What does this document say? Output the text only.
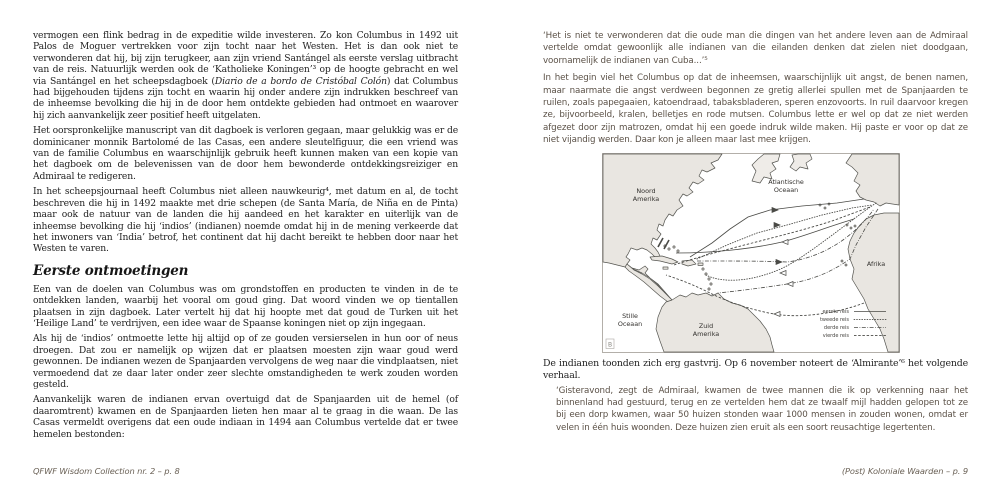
vermogen een flink bedrag in de expeditie wilde investeren. Zo kon Columbus in 1492 uit Palos de Moguer vertrekken voor zijn tocht naar het Westen. Het is dan ook niet te verwonderen dat hij, bij zijn terugkeer, aan zijn vriend Santángel als eerste verslag uitbracht van de reis. Natuurlijk werden ook de ‘Katholieke Koningen’³ op de hoogte gebracht en wel via Santángel en het scheepsdagboek (Diario de a bordo de Cristóbal Colón) dat Columbus had bijgehouden tijdens zijn tocht en waarin hij onder andere zijn indrukken beschreef van de inheemse bevolking die hij in de door hem ontdekte gebieden had ontmoet en waarover hij zich aanvankelijk zeer positief heeft uitgelaten.

Het oorspronkelijke manuscript van dit dagboek is verloren gegaan, maar gelukkig was er de dominicaner monnik Bartolomé de las Casas, een andere sleutelfiguur, die een vriend was van de familie Columbus en waarschijnlijk gebruik heeft kunnen maken van een kopie van het dagboek om de belevenissen van de door hem bewonderde ontdekkingsreiziger en Admiraal te redigeren.

In het scheepsjournaal heeft Columbus niet alleen nauwkeurig⁴, met datum en al, de tocht beschreven die hij in 1492 maakte met drie schepen (de Santa María, de Niña en de Pinta) maar ook de natuur van de landen die hij aandeed en het karakter en uiterlijk van de inheemse bevolking die hij ‘indios’ (indianen) noemde omdat hij in de mening verkeerde dat het inwoners van ‘India’ betrof, het continent dat hij dacht bereikt te hebben door naar het Westen te varen.

Eerste ontmoetingen

Een van de doelen van Columbus was om grondstoffen en producten te vinden in de te ontdekken landen, waarbij het vooral om goud ging. Dat woord vinden we op tientallen plaatsen in zijn dagboek. Later vertelt hij dat hij hoopte met dat goud de Turken uit het ‘Heilige Land’ te verdrijven, een idee waar de Spaanse koningen niet op zijn ingegaan.

Als hij de ‘indios’ ontmoette lette hij altijd op of ze gouden versierselen in hun oor of neus droegen. Dat zou er namelijk op wijzen dat er plaatsen moesten zijn waar goud werd gewonnen. De indianen wezen de Spanjaarden vervolgens de weg naar die vindplaatsen, niet vermoedend dat ze daar later onder zeer slechte omstandigheden te werk zouden worden gesteld.

Aanvankelijk waren de indianen ervan overtuigd dat de Spanjaarden uit de hemel (of daaromtrent) kwamen en de Spanjaarden lieten hen maar al te graag in die waan. De las Casas vermeldt overigens dat een oude indiaan in 1494 aan Columbus vertelde dat er twee hemelen bestonden:

QFWF Wisdom Collection nr. 2 – p. 8

‘Het is niet te verwonderen dat die oude man die dingen van het andere leven aan de Admiraal vertelde omdat gewoonlijk alle indianen van die eilanden denken dat zielen niet doodgaan, voornamelijk de indianen van Cuba...’⁵

In het begin viel het Columbus op dat de inheemsen, waarschijnlijk uit angst, de benen namen, maar naarmate die angst verdween begonnen ze gretig allerlei spullen met de Spanjaarden te ruilen, zoals papegaaien, katoendraad, tabaksbladeren, speren enzovoorts. In ruil daarvoor kregen ze, bijvoorbeeld, kralen, belletjes en rode mutsen. Columbus lette er wel op dat ze niet werden afgezet door zijn matrozen, omdat hij een goede indruk wilde maken. Hij paste er voor op dat ze niet vijandig werden. Daar kon je alleen maar last mee krijgen.

Noord
Amerika
Atlantische
Oceaan
Afrika
Stille
Oceaan	Zuid
Amerika
eerste reis
tweede reis
derde reis
vierde reis
B

De indianen toonden zich erg gastvrij. Op 6 november noteert de ‘Almirante’⁶ het volgende verhaal.

‘Gisteravond, zegt de Admiraal, kwamen de twee mannen die ik op verkenning naar het binnenland had gestuurd, terug en ze vertelden hem dat ze twaalf mijl hadden gelopen tot ze bij een dorp kwamen, waar 50 huizen stonden waar 1000 mensen in zouden wonen, omdat er velen in één huis woonden. Deze huizen zien eruit als een soort reusachtige legertenten.

(Post) Koloniale Waarden – p. 9
